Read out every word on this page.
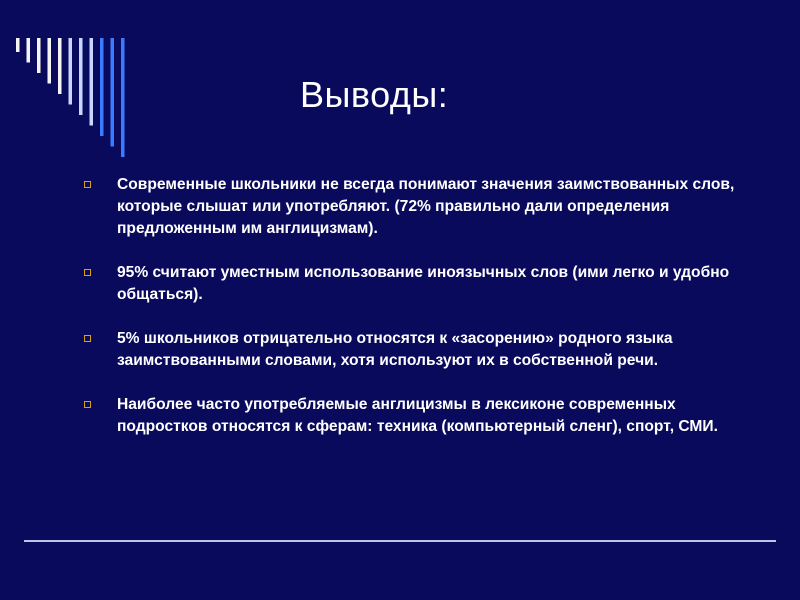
Выводы:
Современные школьники не всегда понимают значения заимствованных слов, которые слышат или употребляют. (72% правильно дали определения предложенным им англицизмам).
95% считают уместным использование иноязычных слов (ими легко и удобно общаться).
5% школьников отрицательно относятся к «засорению» родного языка заимствованными словами, хотя используют их в собственной речи.
Наиболее часто употребляемые англицизмы в лексиконе современных подростков относятся к сферам: техника (компьютерный сленг), спорт, СМИ.
